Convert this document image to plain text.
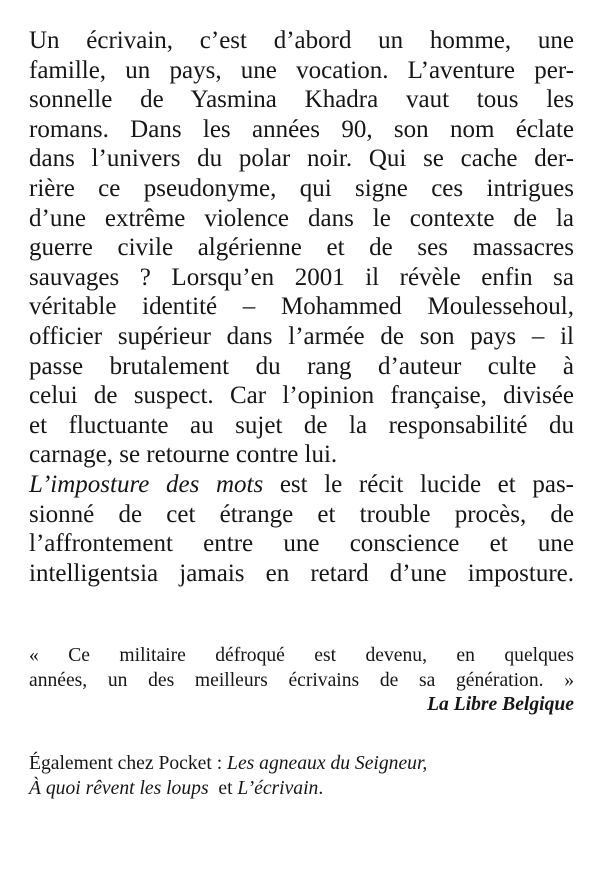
Un écrivain, c’est d’abord un homme, une
famille, un pays, une vocation. L’aventure per-
sonnelle de Yasmina Khadra vaut tous les
romans. Dans les années 90, son nom éclate
dans l’univers du polar noir. Qui se cache der-
rière ce pseudonyme, qui signe ces intrigues
d’une extrême violence dans le contexte de la
guerre civile algérienne et de ses massacres
sauvages ? Lorsqu’en 2001 il révèle enfin sa
véritable identité – Mohammed Moulessehoul,
officier supérieur dans l’armée de son pays – il
passe brutalement du rang d’auteur culte à
celui de suspect. Car l’opinion française, divisée
et fluctuante au sujet de la responsabilité du
carnage, se retourne contre lui.
L’imposture des mots est le récit lucide et pas-
sionné de cet étrange et trouble procès, de
l’affrontement entre une conscience et une
intelligentsia jamais en retard d’une imposture.
« Ce militaire défroqué est devenu, en quelques
années, un des meilleurs écrivains de sa génération. »
La Libre Belgique
Également chez Pocket : Les agneaux du Seigneur,
À quoi rêvent les loups  et L’écrivain.
